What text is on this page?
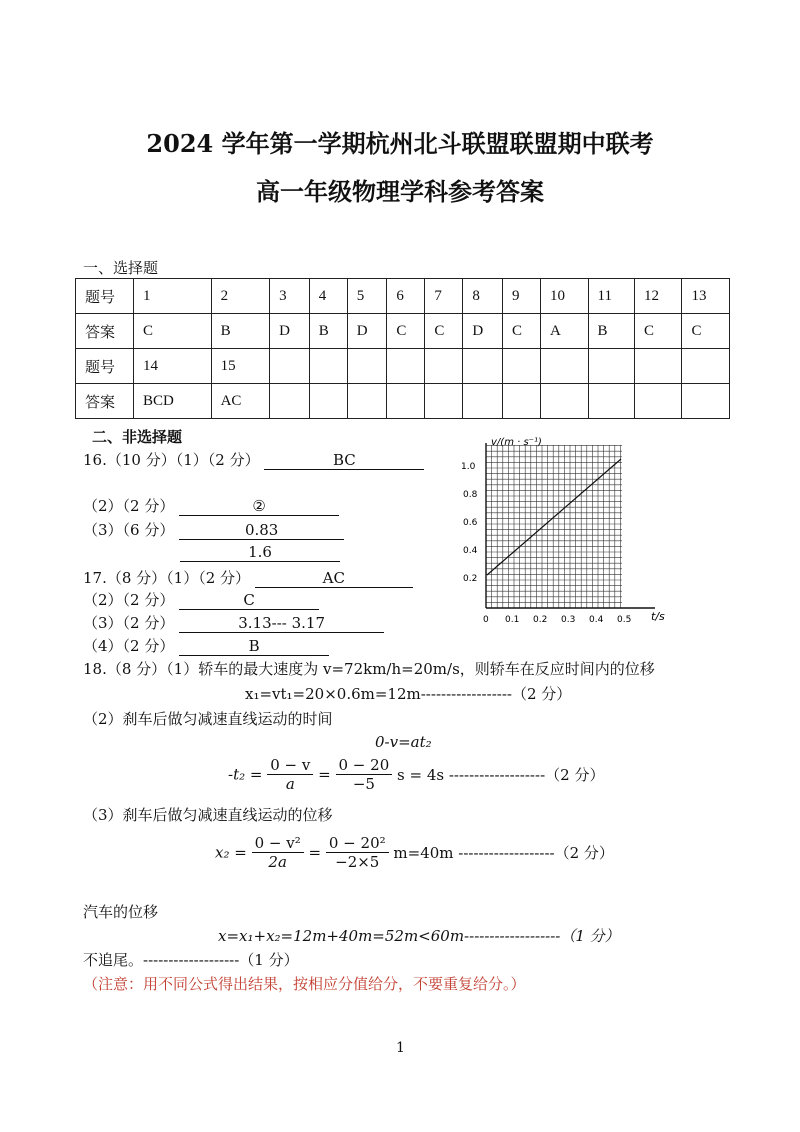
2024 学年第一学期杭州北斗联盟联盟期中联考
高一年级物理学科参考答案
一、选择题
题号	1	2	3	4	5	6	7	8	9	10	11	12	13
答案	C	B	D	B	D	C	C	D	C	A	B	C	C
题号	14	15											
答案	BCD	AC											
二、非选择题
16.（10 分）（1）（2 分）	BC
（2）（2 分）	②
（3）（6 分）	0.83
1.6
17.（8 分）（1）（2 分）	AC
（2）（2 分）	C
（3）（2 分）	3.13--- 3.17
（4）（2 分）	B
v/(m · s⁻¹)
t/s
1.0
0.8
0.6
0.4
0.2
0 0.1 0.2 0.3 0.4 0.5
18.（8 分）（1）轿车的最大速度为 v=72km/h=20m/s，则轿车在反应时间内的位移
x₁=vt₁=20×0.6m=12m------------------（2 分）
（2）刹车后做匀减速直线运动的时间
0-v=at₂
$-t_2 = \frac{0 - v}{a} = \frac{0 - 20}{-5}$ s = 4s -------------------（2 分）
（3）刹车后做匀减速直线运动的位移
$x_2 = \frac{\text{0 − v²}}{2a} = \frac{\text{0 − 20²}}{-2\times 5} m=40m$ -------------------（2 分）
汽车的位移
x=x₁+x₂=12m+40m=52m<60m-------------------（1 分）
不追尾。-------------------（1 分）
（注意：用不同公式得出结果，按相应分值给分，不要重复给分。）
1
